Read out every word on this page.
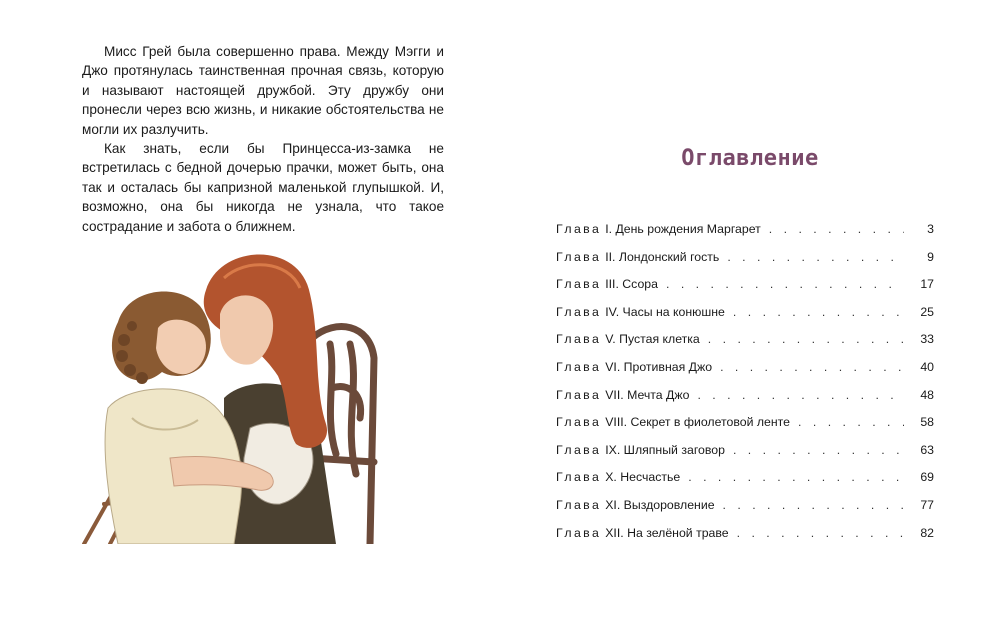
Мисс Грей была совершенно права. Между Мэгги и Джо протянулась таинственная прочная связь, которую и называют настоящей дружбой. Эту дружбу они пронесли через всю жизнь, и никакие обстоятельства не могли их разлучить.

Как знать, если бы Принцесса-из-замка не встретилась с бедной дочерью прачки, может быть, она так и осталась бы капризной маленькой глупышкой. И, возможно, она бы никогда не узнала, что такое сострадание и забота о ближнем.

Оглавление
Глава I. День рождения Маргарет . . .	3
Глава II. Лондонский гость . . .	9
Глава III. Ссора . . .	17
Глава IV. Часы на конюшне . . .	25
Глава V. Пустая клетка . . .	33
Глава VI. Противная Джо . . .	40
Глава VII. Мечта Джо . . .	48
Глава VIII. Секрет в фиолетовой ленте . . .	58
Глава IX. Шляпный заговор . . .	63
Глава X. Несчастье . . .	69
Глава XI. Выздоровление . . .	77
Глава XII. На зелёной траве . . .	82
